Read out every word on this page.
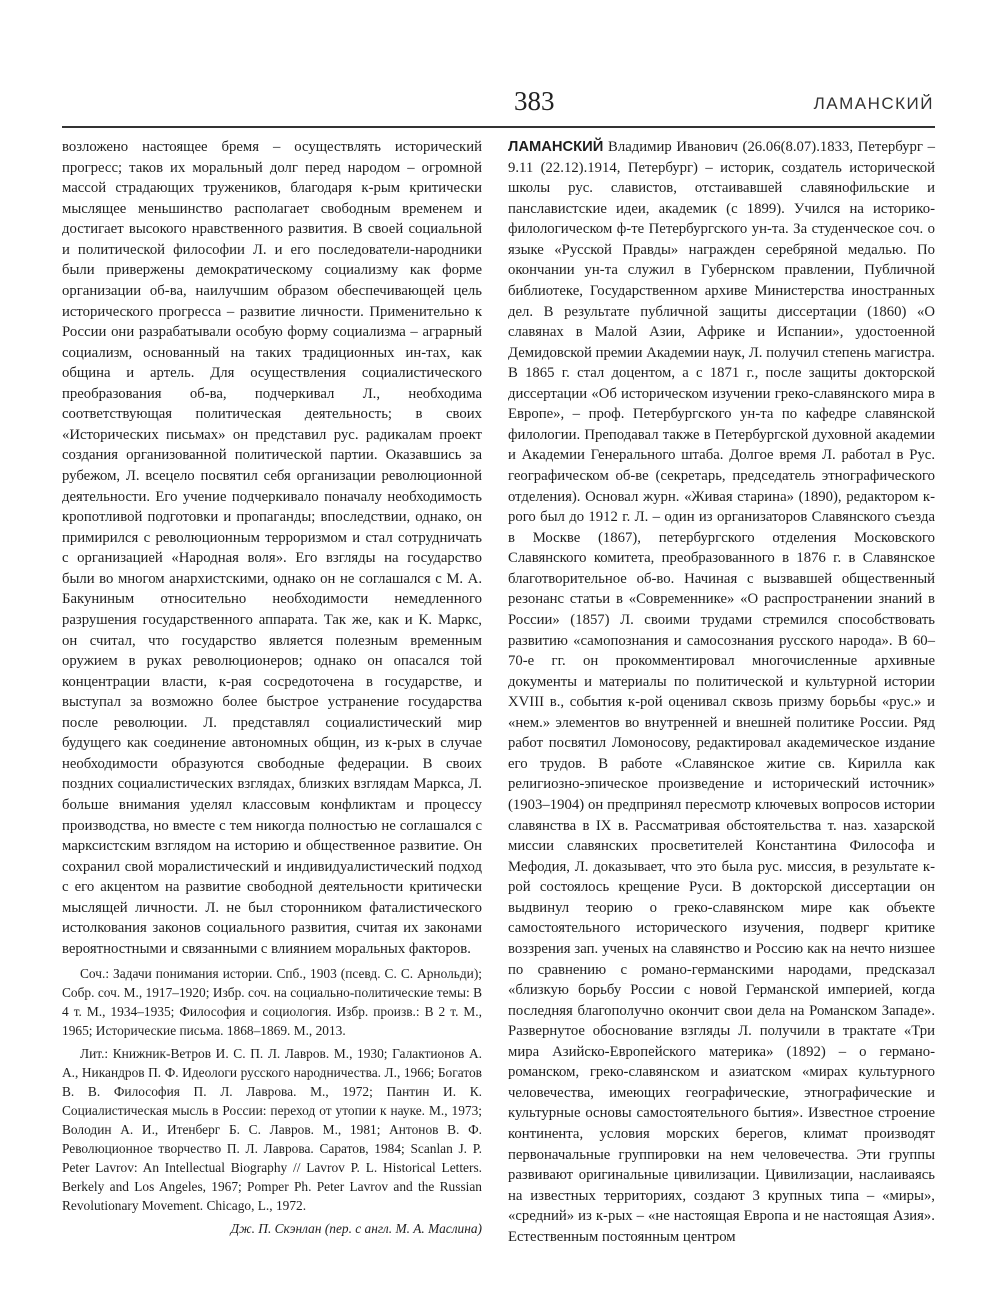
383	ЛАМАНСКИЙ

возложено настоящее бремя – осуществлять исторический прогресс; таков их моральный долг перед народом – огромной массой страдающих тружеников, благодаря к-рым критически мыслящее меньшинство располагает свободным временем и достигает высокого нравственного развития. В своей социальной и политической философии Л. и его последователи-народники были привержены демократическому социализму как форме организации об-ва, наилучшим образом обеспечивающей цель исторического прогресса – развитие личности. Применительно к России они разрабатывали особую форму социализма – аграрный социализм, основанный на таких традиционных ин-тах, как община и артель. Для осуществления социалистического преобразования об-ва, подчеркивал Л., необходима соответствующая политическая деятельность; в своих «Исторических письмах» он представил рус. радикалам проект создания организованной политической партии. Оказавшись за рубежом, Л. всецело посвятил себя организации революционной деятельности. Его учение подчеркивало поначалу необходимость кропотливой подготовки и пропаганды; впоследствии, однако, он примирился с революционным терроризмом и стал сотрудничать с организацией «Народная воля». Его взгляды на государство были во многом анархистскими, однако он не соглашался с М. А. Бакуниным относительно необходимости немедленного разрушения государственного аппарата. Так же, как и К. Маркс, он считал, что государство является полезным временным оружием в руках революционеров; однако он опасался той концентрации власти, к-рая сосредоточена в государстве, и выступал за возможно более быстрое устранение государства после революции. Л. представлял социалистический мир будущего как соединение автономных общин, из к-рых в случае необходимости образуются свободные федерации. В своих поздних социалистических взглядах, близких взглядам Маркса, Л. больше внимания уделял классовым конфликтам и процессу производства, но вместе с тем никогда полностью не соглашался с марксистским взглядом на историю и общественное развитие. Он сохранил свой моралистический и индивидуалистический подход с его акцентом на развитие свободной деятельности критически мыслящей личности. Л. не был сторонником фаталистического истолкования законов социального развития, считая их законами вероятностными и связанными с влиянием моральных факторов.

Соч.: Задачи понимания истории. Спб., 1903 (псевд. С. С. Арнольди); Собр. соч. М., 1917–1920; Избр. соч. на социально-политические темы: В 4 т. М., 1934–1935; Философия и социология. Избр. произв.: В 2 т. М., 1965; Исторические письма. 1868–1869. М., 2013.

Лит.: Книжник-Ветров И. С. П. Л. Лавров. М., 1930; Галактионов А. А., Никандров П. Ф. Идеологи русского народничества. Л., 1966; Богатов В. В. Философия П. Л. Лаврова. М., 1972; Пантин И. К. Социалистическая мысль в России: переход от утопии к науке. М., 1973; Володин А. И., Итенберг Б. С. Лавров. М., 1981; Антонов В. Ф. Революционное творчество П. Л. Лаврова. Саратов, 1984; Scanlan J. P. Peter Lavrov: An Intellectual Biography // Lavrov P. L. Historical Letters. Berkely and Los Angeles, 1967; Pomper Ph. Peter Lavrov and the Russian Revolutionary Movement. Chicago, L., 1972.

Дж. П. Скэнлан (пер. с англ. М. А. Маслина)

ЛАМАНСКИЙ Владимир Иванович (26.06(8.07).1833, Петербург – 9.11 (22.12).1914, Петербург) – историк, создатель исторической школы рус. славистов, отстаивавшей славянофильские и панславистские идеи, академик (с 1899). Учился на историко-филологическом ф-те Петербургского ун-та. За студенческое соч. о языке «Русской Правды» награжден серебряной медалью. По окончании ун-та служил в Губернском правлении, Публичной библиотеке, Государственном архиве Министерства иностранных дел. В результате публичной защиты диссертации (1860) «О славянах в Малой Азии, Африке и Испании», удостоенной Демидовской премии Академии наук, Л. получил степень магистра. В 1865 г. стал доцентом, а с 1871 г., после защиты докторской диссертации «Об историческом изучении греко-славянского мира в Европе», – проф. Петербургского ун-та по кафедре славянской филологии. Преподавал также в Петербургской духовной академии и Академии Генерального штаба. Долгое время Л. работал в Рус. географическом об-ве (секретарь, председатель этнографического отделения). Основал журн. «Живая старина» (1890), редактором к-рого был до 1912 г. Л. – один из организаторов Славянского съезда в Москве (1867), петербургского отделения Московского Славянского комитета, преобразованного в 1876 г. в Славянское благотворительное об-во. Начиная с вызвавшей общественный резонанс статьи в «Современнике» «О распространении знаний в России» (1857) Л. своими трудами стремился способствовать развитию «самопознания и самосознания русского народа». В 60–70-е гг. он прокомментировал многочисленные архивные документы и материалы по политической и культурной истории XVIII в., события к-рой оценивал сквозь призму борьбы «рус.» и «нем.» элементов во внутренней и внешней политике России. Ряд работ посвятил Ломоносову, редактировал академическое издание его трудов. В работе «Славянское житие св. Кирилла как религиозно-эпическое произведение и исторический источник» (1903–1904) он предпринял пересмотр ключевых вопросов истории славянства в IX в. Рассматривая обстоятельства т. наз. хазарской миссии славянских просветителей Константина Философа и Мефодия, Л. доказывает, что это была рус. миссия, в результате к-рой состоялось крещение Руси. В докторской диссертации он выдвинул теорию о греко-славянском мире как объекте самостоятельного исторического изучения, подверг критике воззрения зап. ученых на славянство и Россию как на нечто низшее по сравнению с романо-германскими народами, предсказал «близкую борьбу России с новой Германской империей, когда последняя благополучно окончит свои дела на Романском Западе». Развернутое обоснование взгляды Л. получили в трактате «Три мира Азийско-Европейского материка» (1892) – о германо-романском, греко-славянском и азиатском «мирах культурного человечества, имеющих географические, этнографические и культурные основы самостоятельного бытия». Известное строение континента, условия морских берегов, климат производят первоначальные группировки на нем человечества. Эти группы развивают оригинальные цивилизации. Цивилизации, наслаиваясь на известных территориях, создают 3 крупных типа – «миры», «средний» из к-рых – «не настоящая Европа и не настоящая Азия». Естественным постоянным центром
